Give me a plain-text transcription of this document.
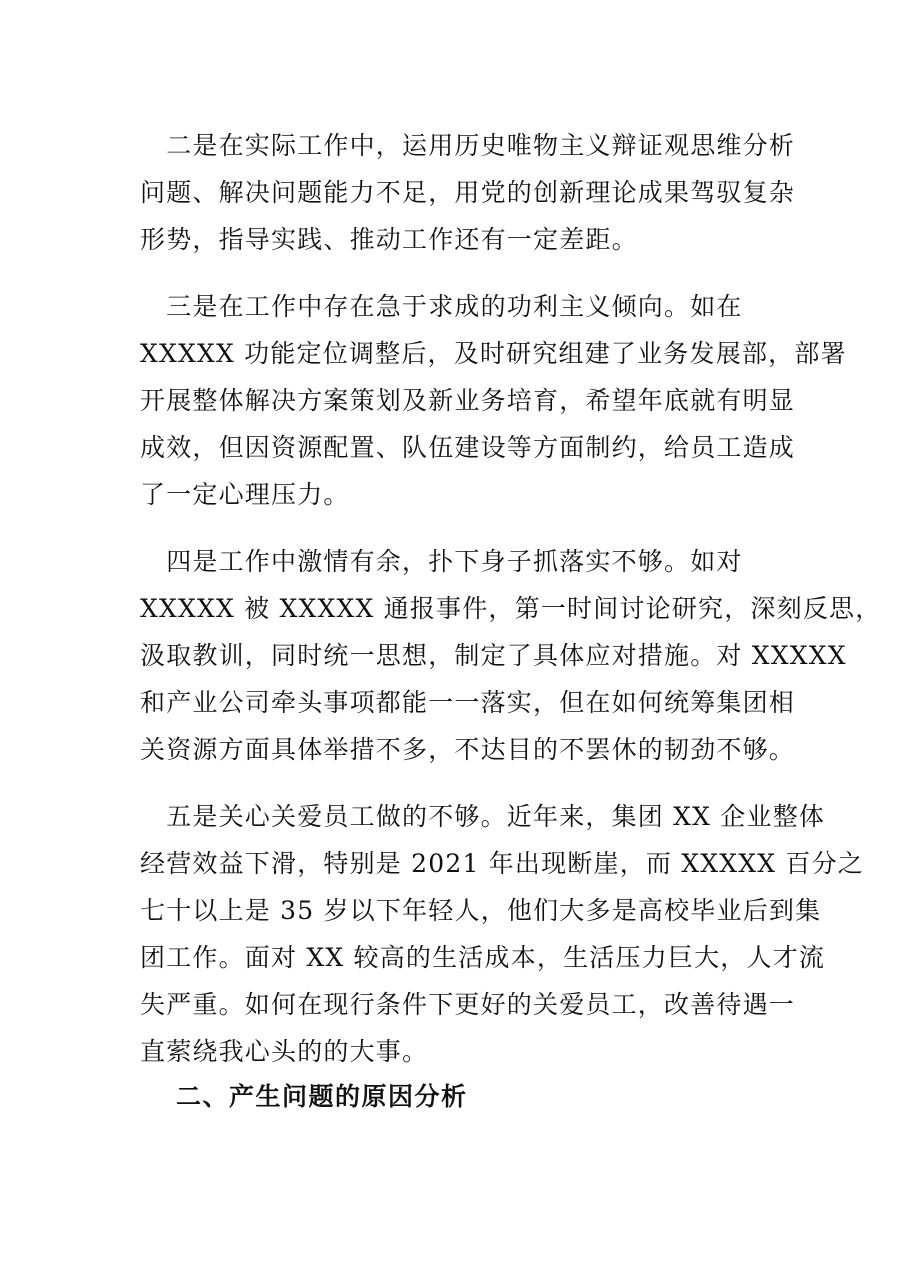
　二是在实际工作中，运用历史唯物主义辩证观思维分析
问题、解决问题能力不足，用党的创新理论成果驾驭复杂
形势，指导实践、推动工作还有一定差距。
　三是在工作中存在急于求成的功利主义倾向。如在
XXXXX 功能定位调整后，及时研究组建了业务发展部，部署
开展整体解决方案策划及新业务培育，希望年底就有明显
成效，但因资源配置、队伍建设等方面制约，给员工造成
了一定心理压力。
　四是工作中激情有余，扑下身子抓落实不够。如对
XXXXX 被 XXXXX 通报事件，第一时间讨论研究，深刻反思，
汲取教训，同时统一思想，制定了具体应对措施。对 XXXXX
和产业公司牵头事项都能一一落实，但在如何统筹集团相
关资源方面具体举措不多，不达目的不罢休的韧劲不够。
　五是关心关爱员工做的不够。近年来，集团 XX 企业整体
经营效益下滑，特别是 2021 年出现断崖，而 XXXXX 百分之
七十以上是 35 岁以下年轻人，他们大多是高校毕业后到集
团工作。面对 XX 较高的生活成本，生活压力巨大，人才流
失严重。如何在现行条件下更好的关爱员工，改善待遇一
直萦绕我心头的的大事。
二、产生问题的原因分析
